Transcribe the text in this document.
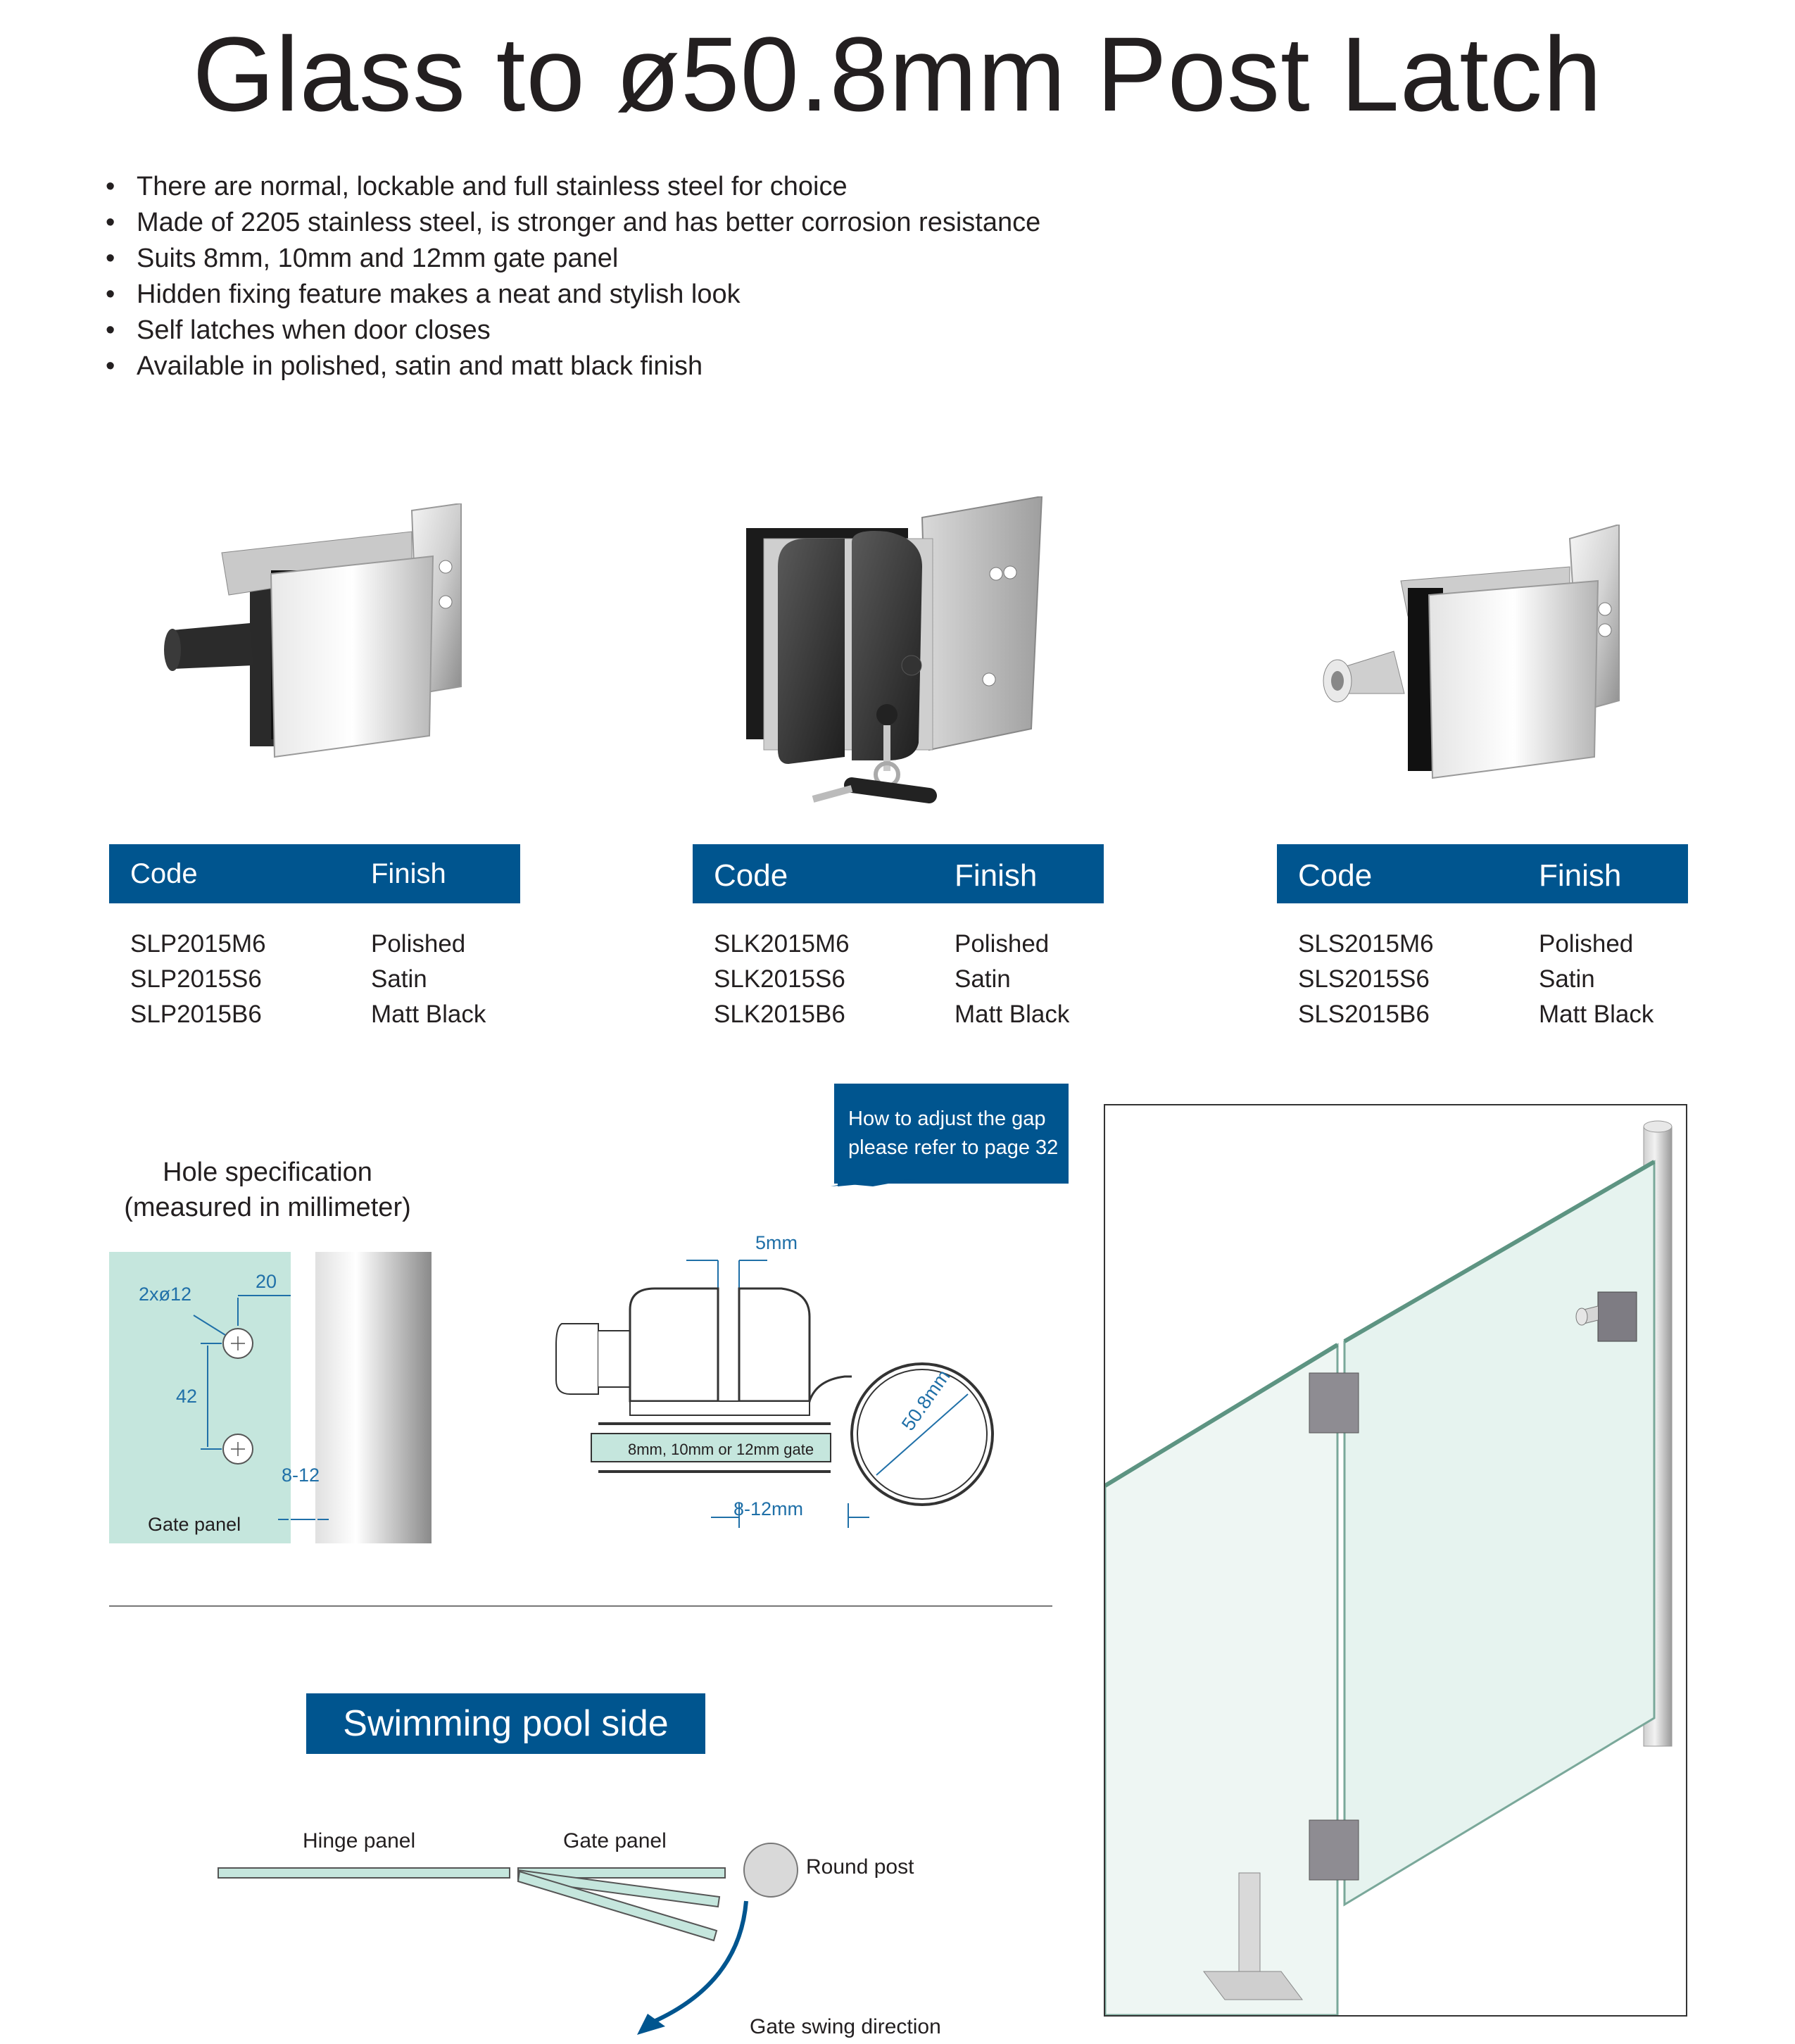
Glass to ø50.8mm Post Latch
• There are normal, lockable and full stainless steel for choice
• Made of 2205 stainless steel, is stronger and has better corrosion resistance
• Suits 8mm, 10mm and 12mm gate panel
• Hidden fixing feature makes a neat and stylish look
• Self latches when door closes
• Available in polished, satin and matt black finish
Code	Finish
SLP2015M6	Polished
SLP2015S6	Satin
SLP2015B6	Matt Black
Code	Finish
SLK2015M6	Polished
SLK2015S6	Satin
SLK2015B6	Matt Black
Code	Finish
SLS2015M6	Polished
SLS2015S6	Satin
SLS2015B6	Matt Black
Hole specification
(measured in millimeter)
2xø12
20
42
8-12
Gate panel
How to adjust the gap
please refer to page 32
5mm
8mm, 10mm or 12mm gate
8-12mm
50.8mm
Swimming pool side
Hinge panel	Gate panel
Round post
Gate swing direction
